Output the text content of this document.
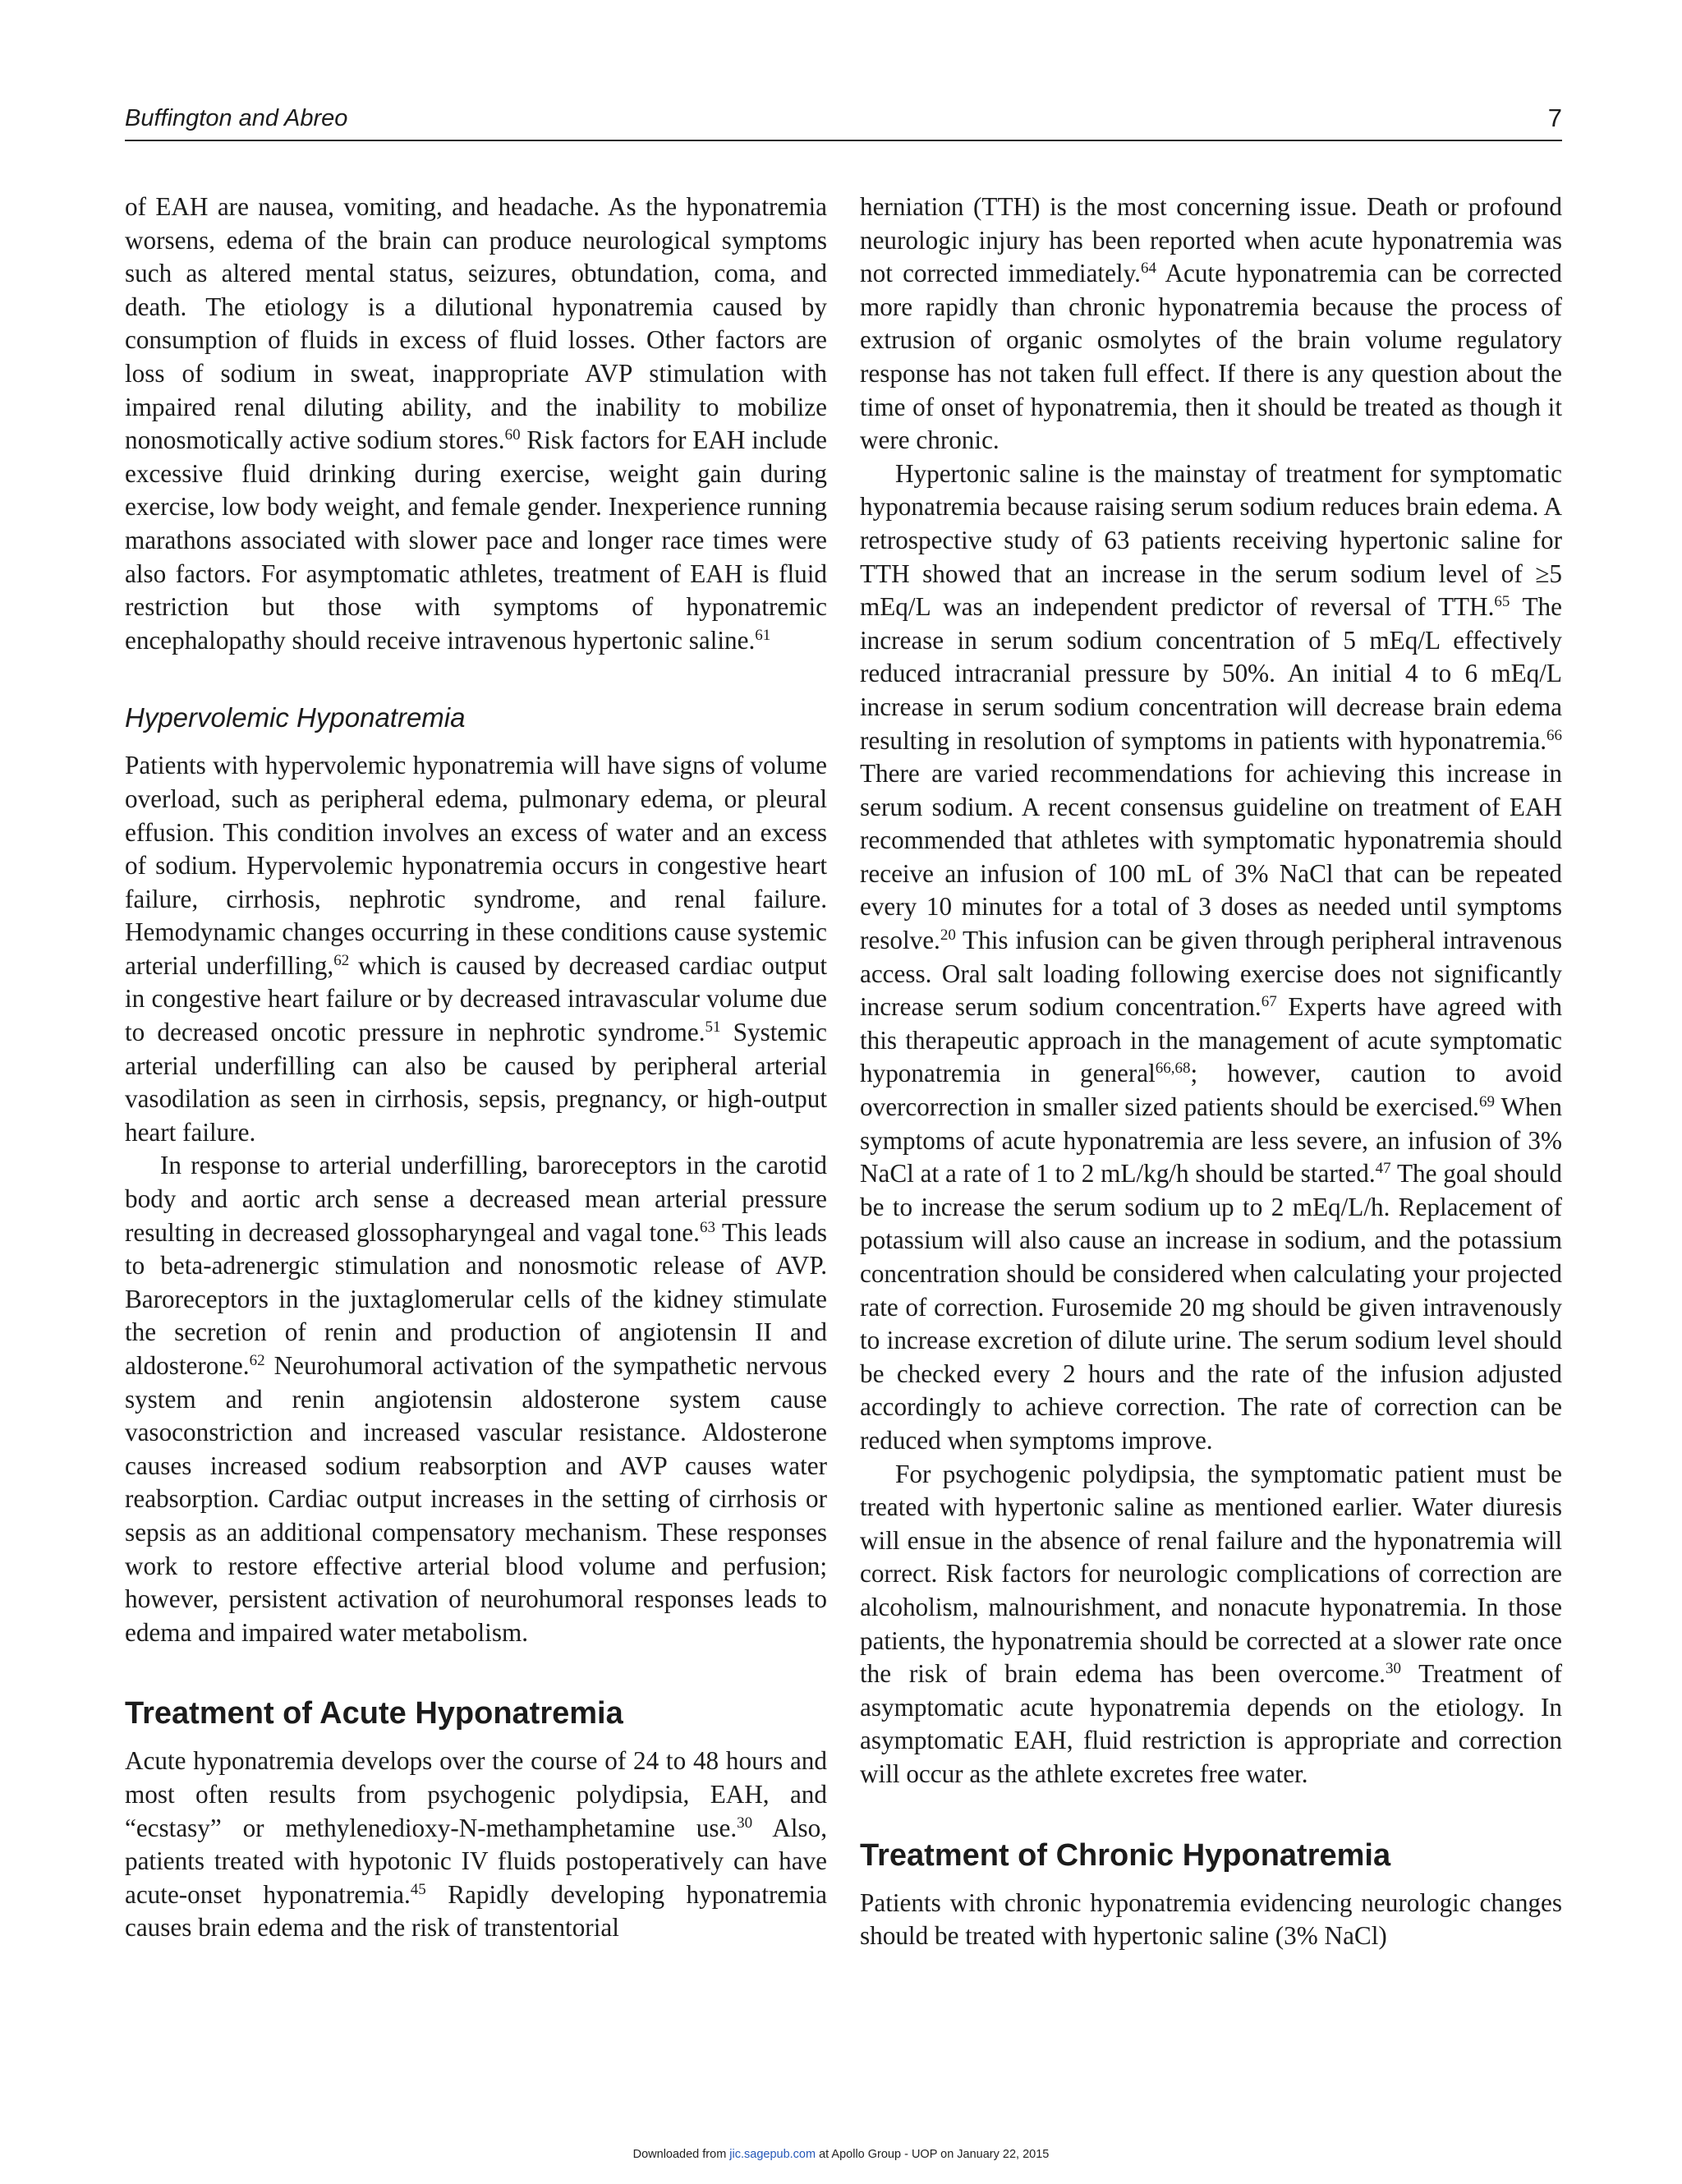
Buffington and Abreo	7

of EAH are nausea, vomiting, and headache. As the hyponatremia worsens, edema of the brain can produce neurological symptoms such as altered mental status, seizures, obtundation, coma, and death. The etiology is a dilutional hyponatremia caused by consumption of fluids in excess of fluid losses. Other factors are loss of sodium in sweat, inappropriate AVP stimulation with impaired renal diluting ability, and the inability to mobilize nonosmotically active sodium stores.$^{60}$ Risk factors for EAH include excessive fluid drinking during exercise, weight gain during exercise, low body weight, and female gender. Inexperience running marathons associated with slower pace and longer race times were also factors. For asymptomatic athletes, treatment of EAH is fluid restriction but those with symptoms of hyponatremic encephalopathy should receive intravenous hypertonic saline.$^{61}$

Hypervolemic Hyponatremia

Patients with hypervolemic hyponatremia will have signs of volume overload, such as peripheral edema, pulmonary edema, or pleural effusion. This condition involves an excess of water and an excess of sodium. Hypervolemic hyponatremia occurs in congestive heart failure, cirrhosis, nephrotic syndrome, and renal failure. Hemodynamic changes occurring in these conditions cause systemic arterial underfilling,$^{62}$ which is caused by decreased cardiac output in congestive heart failure or by decreased intravascular volume due to decreased oncotic pressure in nephrotic syndrome.$^{51}$ Systemic arterial underfilling can also be caused by peripheral arterial vasodilation as seen in cirrhosis, sepsis, pregnancy, or high-output heart failure.

In response to arterial underfilling, baroreceptors in the carotid body and aortic arch sense a decreased mean arterial pressure resulting in decreased glossopharyngeal and vagal tone.$^{63}$ This leads to beta-adrenergic stimulation and nonosmotic release of AVP. Baroreceptors in the juxtaglomerular cells of the kidney stimulate the secretion of renin and production of angiotensin II and aldosterone.$^{62}$ Neurohumoral activation of the sympathetic nervous system and renin angiotensin aldosterone system cause vasoconstriction and increased vascular resistance. Aldosterone causes increased sodium reabsorption and AVP causes water reabsorption. Cardiac output increases in the setting of cirrhosis or sepsis as an additional compensatory mechanism. These responses work to restore effective arterial blood volume and perfusion; however, persistent activation of neurohumoral responses leads to edema and impaired water metabolism.

Treatment of Acute Hyponatremia

Acute hyponatremia develops over the course of 24 to 48 hours and most often results from psychogenic polydipsia, EAH, and “ecstasy” or methylenedioxy-N-methamphetamine use.$^{30}$ Also, patients treated with hypotonic IV fluids postoperatively can have acute-onset hyponatremia.$^{45}$ Rapidly developing hyponatremia causes brain edema and the risk of transtentorial

herniation (TTH) is the most concerning issue. Death or profound neurologic injury has been reported when acute hyponatremia was not corrected immediately.$^{64}$ Acute hyponatremia can be corrected more rapidly than chronic hyponatremia because the process of extrusion of organic osmolytes of the brain volume regulatory response has not taken full effect. If there is any question about the time of onset of hyponatremia, then it should be treated as though it were chronic.

Hypertonic saline is the mainstay of treatment for symptomatic hyponatremia because raising serum sodium reduces brain edema. A retrospective study of 63 patients receiving hypertonic saline for TTH showed that an increase in the serum sodium level of ≥5 mEq/L was an independent predictor of reversal of TTH.$^{65}$ The increase in serum sodium concentration of 5 mEq/L effectively reduced intracranial pressure by 50%. An initial 4 to 6 mEq/L increase in serum sodium concentration will decrease brain edema resulting in resolution of symptoms in patients with hyponatremia.$^{66}$ There are varied recommendations for achieving this increase in serum sodium. A recent consensus guideline on treatment of EAH recommended that athletes with symptomatic hyponatremia should receive an infusion of 100 mL of 3% NaCl that can be repeated every 10 minutes for a total of 3 doses as needed until symptoms resolve.$^{20}$ This infusion can be given through peripheral intravenous access. Oral salt loading following exercise does not significantly increase serum sodium concentration.$^{67}$ Experts have agreed with this therapeutic approach in the management of acute symptomatic hyponatremia in general$^{66,68}$; however, caution to avoid overcorrection in smaller sized patients should be exercised.$^{69}$ When symptoms of acute hyponatremia are less severe, an infusion of 3% NaCl at a rate of 1 to 2 mL/kg/h should be started.$^{47}$ The goal should be to increase the serum sodium up to 2 mEq/L/h. Replacement of potassium will also cause an increase in sodium, and the potassium concentration should be considered when calculating your projected rate of correction. Furosemide 20 mg should be given intravenously to increase excretion of dilute urine. The serum sodium level should be checked every 2 hours and the rate of the infusion adjusted accordingly to achieve correction. The rate of correction can be reduced when symptoms improve.

For psychogenic polydipsia, the symptomatic patient must be treated with hypertonic saline as mentioned earlier. Water diuresis will ensue in the absence of renal failure and the hyponatremia will correct. Risk factors for neurologic complications of correction are alcoholism, malnourishment, and nonacute hyponatremia. In those patients, the hyponatremia should be corrected at a slower rate once the risk of brain edema has been overcome.$^{30}$ Treatment of asymptomatic acute hyponatremia depends on the etiology. In asymptomatic EAH, fluid restriction is appropriate and correction will occur as the athlete excretes free water.

Treatment of Chronic Hyponatremia

Patients with chronic hyponatremia evidencing neurologic changes should be treated with hypertonic saline (3% NaCl)

Downloaded from jic.sagepub.com at Apollo Group - UOP on January 22, 2015
